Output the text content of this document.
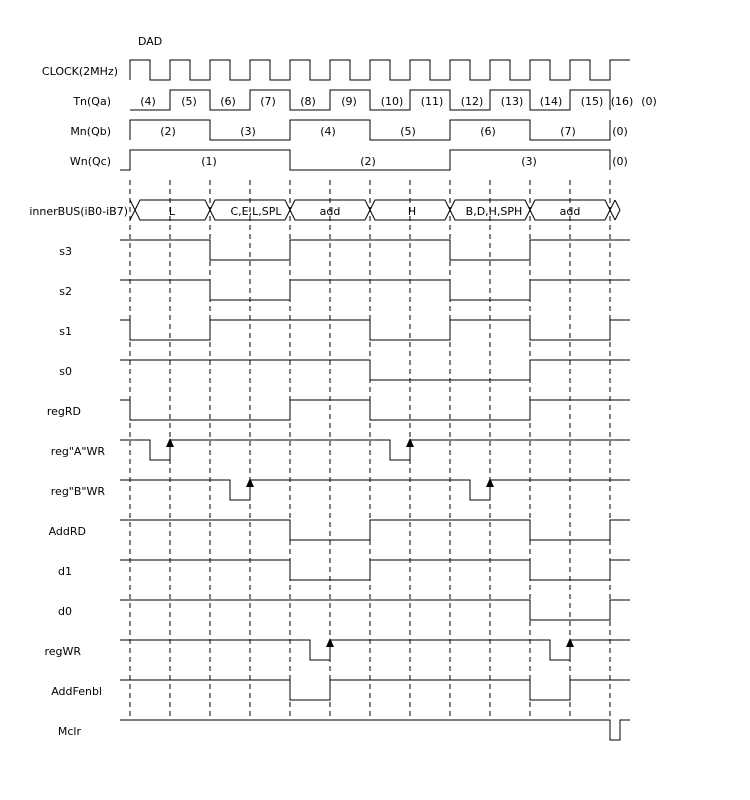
DAD
CLOCK(2MHz)
Tn(Qa)
Mn(Qb)
Wn(Qc)
innerBUS(iB0-iB7)
s3
s2
s1
s0
regRD
reg"A"WR
reg"B"WR
AddRD
d1
d0
regWR
AddFenbl
Mclr
(4) (5) (6) (7) (8) (9) (10) (11) (12) (13) (14) (15) (16) (0)
(2)	(3)	(4)	(5)	(6)	(7)	(0)
(1)	(2)	(3)	(0)
L	C,E,L,SPL	add	H	B,D,H,SPH	add
